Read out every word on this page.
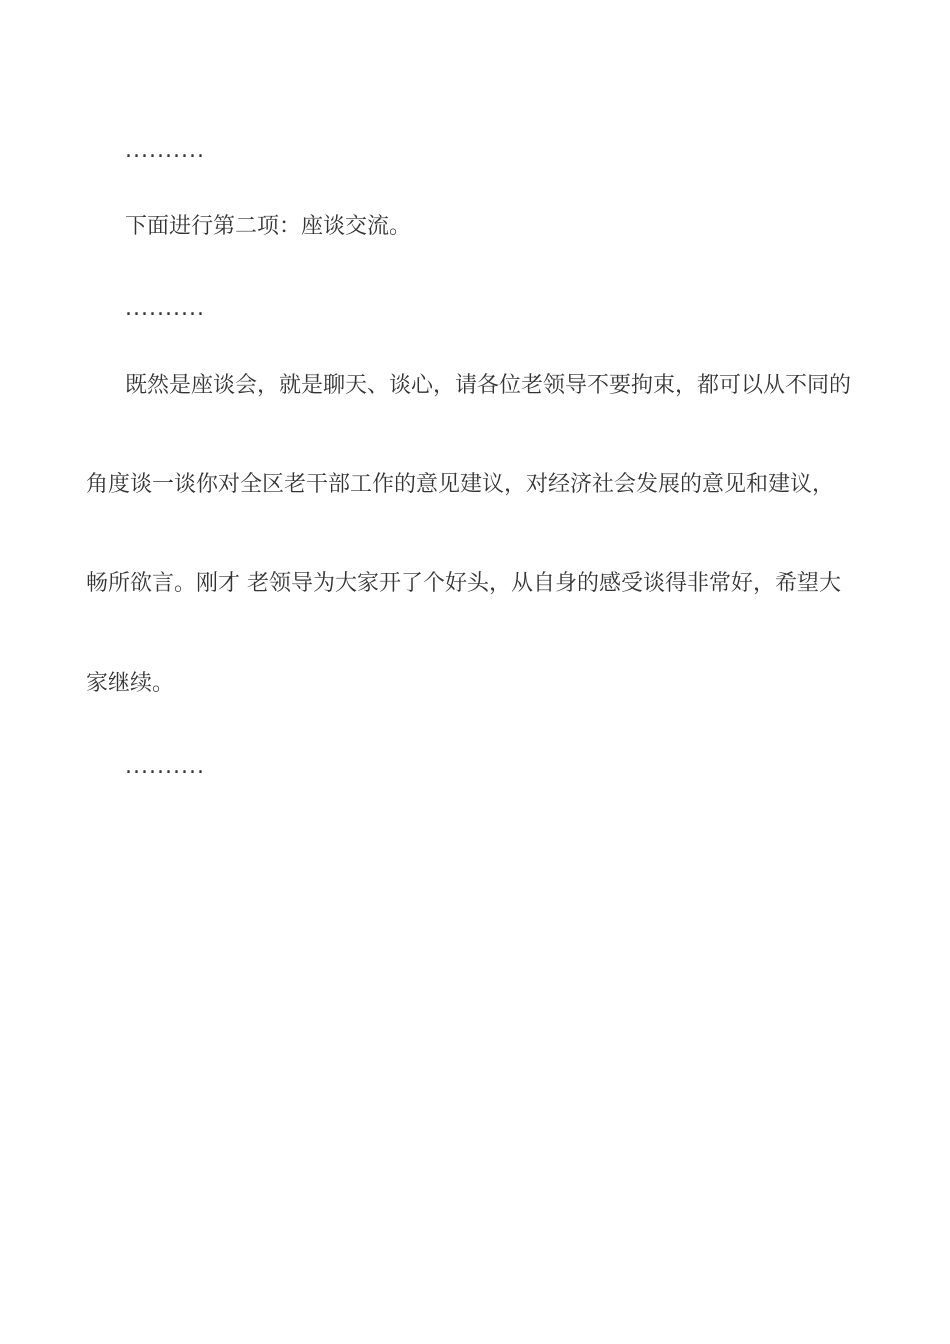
..........
下面进行第二项：座谈交流。
..........
既然是座谈会，就是聊天、谈心，请各位老领导不要拘束，都可以从不同的
角度谈一谈你对全区老干部工作的意见建议，对经济社会发展的意见和建议，
畅所欲言。刚才 老领导为大家开了个好头，从自身的感受谈得非常好，希望大
家继续。
..........
